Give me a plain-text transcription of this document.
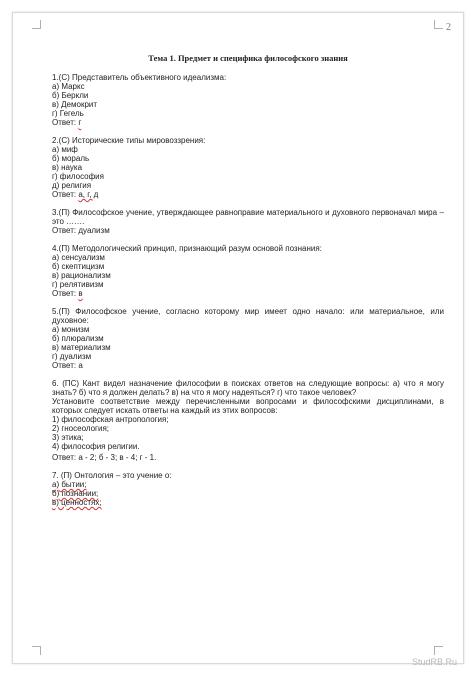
2
Тема 1. Предмет и специфика философского знания
1.(С) Представитель объективного идеализма:
а) Маркс
б) Беркли
в) Демокрит
г) Гегель
Ответ: г
2.(С) Исторические типы мировоззрения:
а) миф
б) мораль
в) наука
г) философия
д) религия
Ответ: а, г, д
3.(П) Философское учение, утверждающее равноправие материального и духовного первоначал мира – это …….
Ответ: дуализм
4.(П) Методологический принцип, признающий разум основой познания:
а) сенсуализм
б) скептицизм
в) рационализм
г) релятивизм
Ответ: в
5.(П) Философское учение, согласно которому мир имеет одно начало: или материальное, или духовное:
а) монизм
б) плюрализм
в) материализм
г) дуализм
Ответ: а
6. (ПС) Кант видел назначение философии в поисках ответов на следующие вопросы: а) что я могу знать? б) что я должен делать? в) на что я могу надеяться? г) что такое человек?
Установите соответствие между перечисленными вопросами и философскими дисциплинами, в которых следует искать ответы на каждый из этих вопросов:
1) философская антропология;
2) гносеология;
3) этика;
4) философия религии.
Ответ: а - 2; б - 3; в - 4; г - 1.
7. (П) Онтология – это учение о:
а) бытии;
б) познании;
в) ценностях;
StudRB.Ru
